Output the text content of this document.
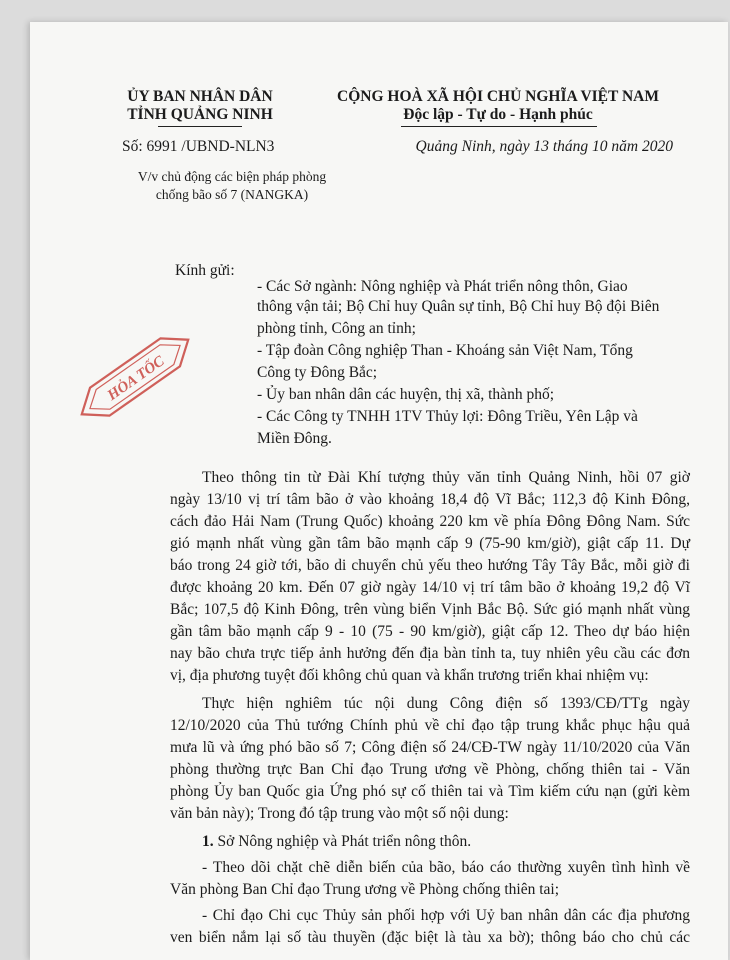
ỦY BAN NHÂN DÂN
TỈNH QUẢNG NINH
CỘNG HOÀ XÃ HỘI CHỦ NGHĨA VIỆT NAM
Độc lập - Tự do - Hạnh phúc
Số: 6991 /UBND-NLN3	Quảng Ninh, ngày 13 tháng 10 năm 2020
V/v chủ động các biện pháp phòng
chống bão số 7 (NANGKA)
HỎA TỐC
Kính gửi:
- Các Sở ngành: Nông nghiệp và Phát triển nông thôn, Giao
thông vận tải; Bộ Chỉ huy Quân sự tỉnh, Bộ Chỉ huy Bộ đội Biên
phòng tỉnh, Công an tỉnh;
- Tập đoàn Công nghiệp Than - Khoáng sản Việt Nam, Tổng
Công ty Đông Bắc;
- Ủy ban nhân dân các huyện, thị xã, thành phố;
- Các Công ty TNHH 1TV Thủy lợi: Đông Triều, Yên Lập và
Miền Đông.
Theo thông tin từ Đài Khí tượng thủy văn tỉnh Quảng Ninh, hồi 07 giờ
ngày 13/10 vị trí tâm bão ở vào khoảng 18,4 độ Vĩ Bắc; 112,3 độ Kinh Đông,
cách đảo Hải Nam (Trung Quốc) khoảng 220 km về phía Đông Đông Nam. Sức
gió mạnh nhất vùng gần tâm bão mạnh cấp 9 (75-90 km/giờ), giật cấp 11. Dự
báo trong 24 giờ tới, bão di chuyển chủ yếu theo hướng Tây Tây Bắc, mỗi giờ đi
được khoảng 20 km. Đến 07 giờ ngày 14/10 vị trí tâm bão ở khoảng 19,2 độ Vĩ
Bắc; 107,5 độ Kinh Đông, trên vùng biển Vịnh Bắc Bộ. Sức gió mạnh nhất vùng
gần tâm bão mạnh cấp 9 - 10 (75 - 90 km/giờ), giật cấp 12. Theo dự báo hiện
nay bão chưa trực tiếp ảnh hưởng đến địa bàn tỉnh ta, tuy nhiên yêu cầu các đơn
vị, địa phương tuyệt đối không chủ quan và khẩn trương triển khai nhiệm vụ:
Thực hiện nghiêm túc nội dung Công điện số 1393/CĐ/TTg ngày
12/10/2020 của Thủ tướng Chính phủ về chỉ đạo tập trung khắc phục hậu quả
mưa lũ và ứng phó bão số 7; Công điện số 24/CĐ-TW ngày 11/10/2020 của Văn
phòng thường trực Ban Chỉ đạo Trung ương về Phòng, chống thiên tai - Văn
phòng Ủy ban Quốc gia Ứng phó sự cố thiên tai và Tìm kiếm cứu nạn (gửi kèm
văn bản này); Trong đó tập trung vào một số nội dung:
1. Sở Nông nghiệp và Phát triển nông thôn.
- Theo dõi chặt chẽ diễn biến của bão, báo cáo thường xuyên tình hình về
Văn phòng Ban Chỉ đạo Trung ương về Phòng chống thiên tai;
- Chỉ đạo Chi cục Thủy sản phối hợp với Uỷ ban nhân dân các địa phương
ven biển nắm lại số tàu thuyền (đặc biệt là tàu xa bờ); thông báo cho chủ các
